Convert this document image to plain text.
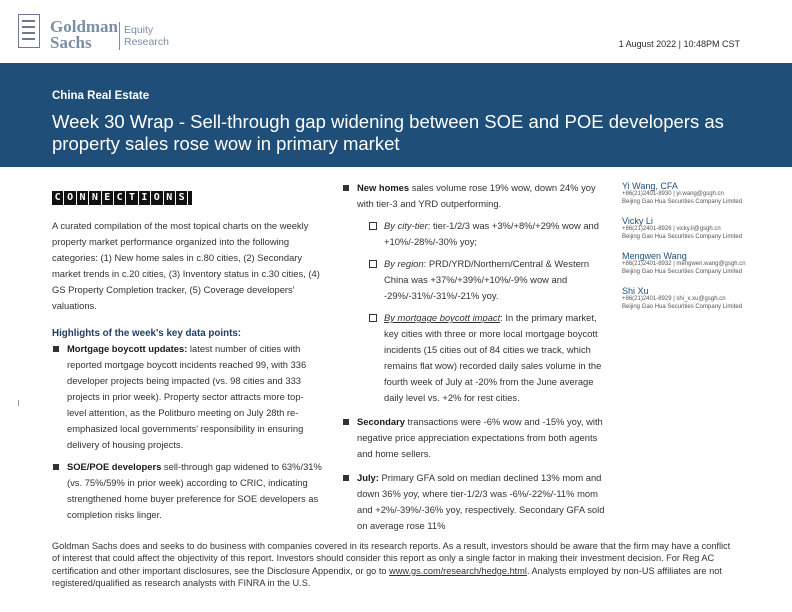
Goldman
Sachs
Equity
Research	1 August 2022 | 10:48PM CST
China Real Estate
Week 30 Wrap - Sell-through gap widening between SOE and POE developers as property sales rose wow in primary market
C O N N E C T I O N S

A curated compilation of the most topical charts on the weekly property market performance organized into the following categories: (1) New home sales in c.80 cities, (2) Secondary market trends in c.20 cities, (3) Inventory status in c.30 cities, (4) GS Property Completion tracker, (5) Coverage developers' valuations.

Highlights of the week's key data points:
Mortgage boycott updates: latest number of cities with reported mortgage boycott incidents reached 99, with 336 developer projects being impacted (vs. 98 cities and 333 projects in prior week). Property sector attracts more top-level attention, as the Politburo meeting on July 28th re-emphasized local governments' responsibility in ensuring delivery of housing projects.
SOE/POE developers sell-through gap widened to 63%/31% (vs. 75%/59% in prior week) according to CRIC, indicating strengthened home buyer preference for SOE developers as completion risks linger.
New homes sales volume rose 19% wow, down 24% yoy with tier-3 and YRD outperforming.
By city-tier: tier-1/2/3 was +3%/+8%/+29% wow and +10%/-28%/-30% yoy;
By region: PRD/YRD/Northern/Central & Western China was +37%/+39%/+10%/-9% wow and -29%/-31%/-31%/-21% yoy.
By mortgage boycott impact: In the primary market, key cities with three or more local mortgage boycott incidents (15 cities out of 84 cities we track, which remains flat wow) recorded daily sales volume in the fourth week of July at -20% from the June average daily level vs. +2% for rest cities.
Secondary transactions were -6% wow and -15% yoy, with negative price appreciation expectations from both agents and home sellers.
July: Primary GFA sold on median declined 13% mom and down 36% yoy, where tier-1/2/3 was -6%/-22%/-11% mom and +2%/-39%/-36% yoy, respectively. Secondary GFA sold on average rose 11%
Yi Wang, CFA
+86(21)2401-8930 | yi.wang@gsgh.cn
Beijing Gao Hua Securities Company Limited
Vicky Li
+86(21)2401-8926 | vicky.li@gsgh.cn
Beijing Gao Hua Securities Company Limited
Mengwen Wang
+86(21)2401-8932 | mengwen.wang@gsgh.cn
Beijing Gao Hua Securities Company Limited
Shi Xu
+86(21)2401-8929 | shi_x.xu@gsgh.cn
Beijing Gao Hua Securities Company Limited
Goldman Sachs does and seeks to do business with companies covered in its research reports. As a result, investors should be aware that the firm may have a conflict of interest that could affect the objectivity of this report. Investors should consider this report as only a single factor in making their investment decision. For Reg AC certification and other important disclosures, see the Disclosure Appendix, or go to www.gs.com/research/hedge.html. Analysts employed by non-US affiliates are not registered/qualified as research analysts with FINRA in the U.S.
